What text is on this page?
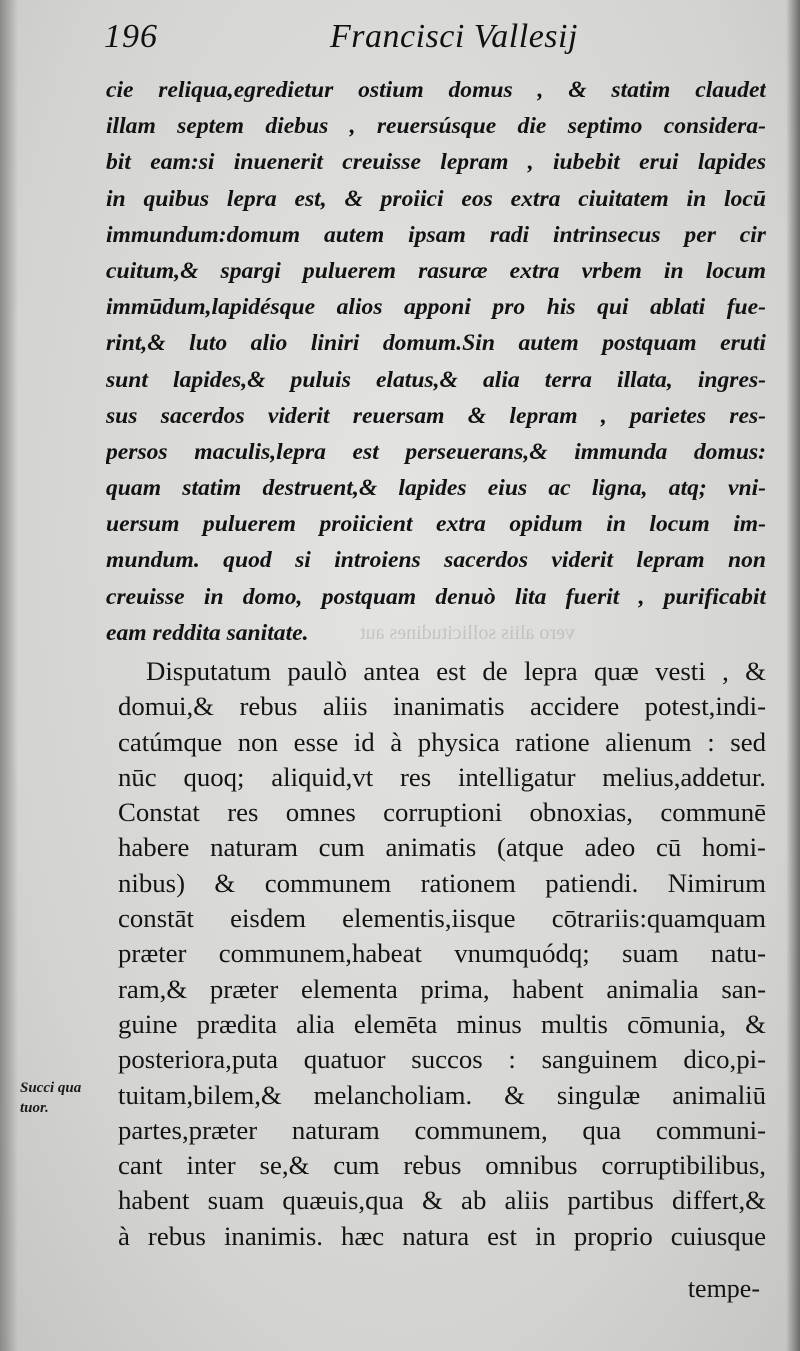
196	Francisci Vallesij
vero aliis sollicitudines aut
cie reliqua,egredietur ostium domus , & statim claudet
illam septem diebus , reuersúsque die septimo considera-
bit eam:si inuenerit creuisse lepram , iubebit erui lapides
in quibus lepra est, & proiici eos extra ciuitatem in locū
immundum:domum autem ipsam radi intrinsecus per cir
cuitum,& spargi puluerem rasuræ extra vrbem in locum
immūdum,lapidésque alios apponi pro his qui ablati fue-
rint,& luto alio liniri domum.Sin autem postquam eruti
sunt lapides,& puluis elatus,& alia terra illata, ingres-
sus sacerdos viderit reuersam & lepram , parietes res-
persos maculis,lepra est perseuerans,& immunda domus:
quam statim destruent,& lapides eius ac ligna, atq; vni-
uersum puluerem proiicient extra opidum in locum im-
mundum. quod si introiens sacerdos viderit lepram non
creuisse in domo, postquam denuò lita fuerit , purificabit
eam reddita sanitate.
Disputatum paulò antea est de lepra quæ vesti , &
domui,& rebus aliis inanimatis accidere potest,indi-
catúmque non esse id à physica ratione alienum : sed
nūc quoq; aliquid,vt res intelligatur melius,addetur.
Constat res omnes corruptioni obnoxias, communē
habere naturam cum animatis (atque adeo cū homi-
nibus) & communem rationem patiendi. Nimirum
constāt eisdem elementis,iisque cōtrariis:quamquam
præter communem,habeat vnumquódq; suam natu-
ram,& præter elementa prima, habent animalia san-
guine prædita alia elemēta minus multis cōmunia, &
posteriora,puta quatuor succos : sanguinem dico,pi-
tuitam,bilem,& melancholiam. & singulæ animaliū
partes,præter naturam communem, qua communi-
cant inter se,& cum rebus omnibus corruptibilibus,
habent suam quæuis,qua & ab aliis partibus differt,&
à rebus inanimis. hæc natura est in proprio cuiusque
Succi qua
tuor.
tempe-
